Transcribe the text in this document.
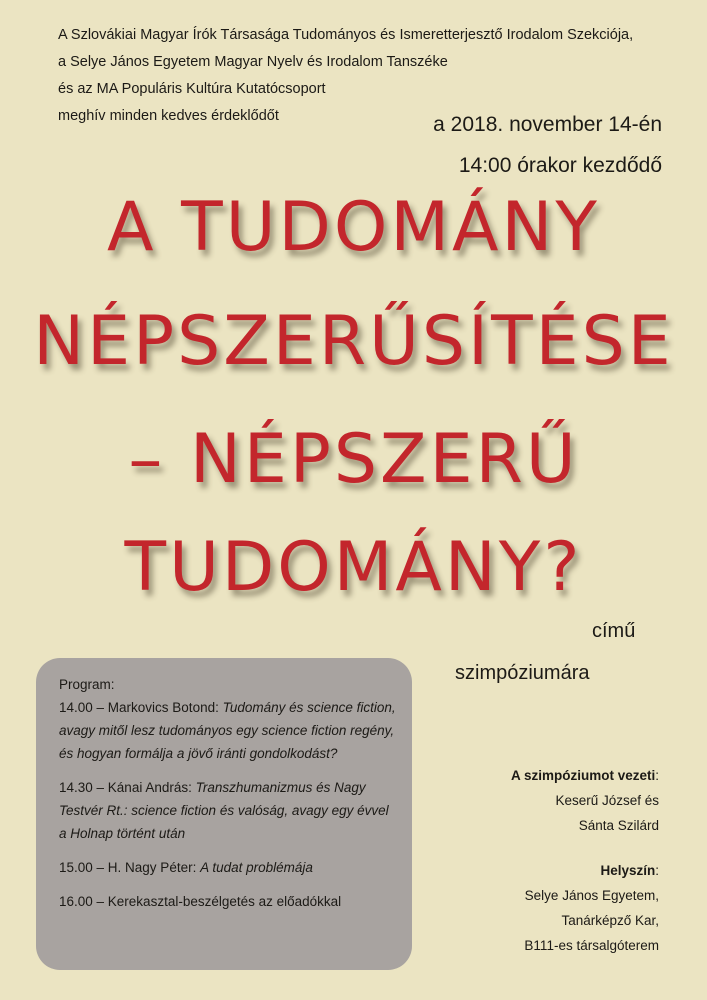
A Szlovákiai Magyar Írók Társasága Tudományos és Ismeretterjesztő Irodalom Szekciója,
a Selye János Egyetem Magyar Nyelv és Irodalom Tanszéke
és az MA Populáris Kultúra Kutatócsoport
meghív minden kedves érdeklődőt	a 2018. november 14-én
14:00 órakor kezdődő
A TUDOMÁNY
NÉPSZERŰSÍTÉSE
– NÉPSZERŰ
TUDOMÁNY?
című
szimpóziumára
Program:
14.00 – Markovics Botond: Tudomány és science fiction, avagy mitől lesz tudományos egy science fiction regény, és hogyan formálja a jövő iránti gondolkodást?
14.30 – Kánai András: Transzhumanizmus és Nagy Testvér Rt.: science fiction és valóság, avagy egy évvel a Holnap történt után
15.00 – H. Nagy Péter: A tudat problémája
16.00 – Kerekasztal-beszélgetés az előadókkal
A szimpóziumot vezeti:
Keserű József és
Sánta Szilárd
Helyszín:
Selye János Egyetem,
Tanárképző Kar,
B111-es társalgóterem
